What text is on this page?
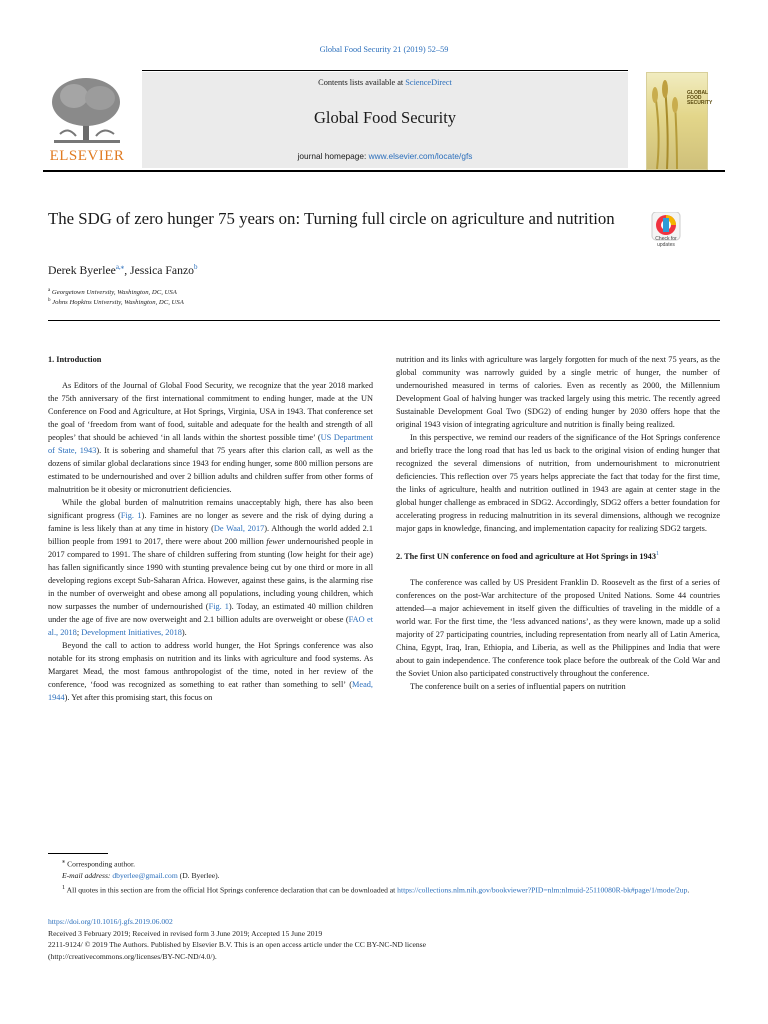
Global Food Security 21 (2019) 52–59
Contents lists available at ScienceDirect
Global Food Security
journal homepage: www.elsevier.com/locate/gfs
ELSEVIER
GLOBAL FOOD SECURITY
The SDG of zero hunger 75 years on: Turning full circle on agriculture and nutrition
Check for updates
Derek Byerlee$^{a,⁎}$, Jessica Fanzo$^b$
$^a$ Georgetown University, Washington, DC, USA
$^b$ Johns Hopkins University, Washington, DC, USA
1. Introduction

As Editors of the Journal of Global Food Security, we recognize that the year 2018 marked the 75th anniversary of the first international commitment to ending hunger, made at the UN Conference on Food and Agriculture, at Hot Springs, Virginia, USA in 1943. That conference set the goal of ‘freedom from want of food, suitable and adequate for the health and strength of all peoples’ that should be achieved ‘in all lands within the shortest possible time’ (US Department of State, 1943). It is sobering and shameful that 75 years after this clarion call, as well as the dozens of similar global declarations since 1943 for ending hunger, some 800 million persons are estimated to be undernourished and over 2 billion adults and children suffer from other forms of malnutrition be it obesity or micronutrient deficiencies.

While the global burden of malnutrition remains unacceptably high, there has also been significant progress (Fig. 1). Famines are no longer as severe and the risk of dying during a famine is less likely than at any time in history (De Waal, 2017). Although the world added 2.1 billion people from 1991 to 2017, there were about 200 million fewer undernourished people in 2017 compared to 1991. The share of children suffering from stunting (low height for their age) has fallen significantly since 1990 with stunting prevalence being cut by one third or more in all developing regions except Sub-Saharan Africa. However, against these gains, is the alarming rise in the number of overweight and obese among all populations, including young children, which now surpasses the number of undernourished (Fig. 1). Today, an estimated 40 million children under the age of five are now overweight and 2.1 billion adults are overweight or obese (FAO et al., 2018; Development Initiatives, 2018).

Beyond the call to action to address world hunger, the Hot Springs conference was also notable for its strong emphasis on nutrition and its links with agriculture and food systems. As Margaret Mead, the most famous anthropologist of the time, noted in her review of the conference, ‘food was recognized as something to eat rather than something to sell’ (Mead, 1944). Yet after this promising start, this focus on

nutrition and its links with agriculture was largely forgotten for much of the next 75 years, as the global community was narrowly guided by a single metric of hunger, the number of undernourished measured in terms of calories. Even as recently as 2000, the Millennium Development Goal of halving hunger was tracked largely using this metric. The recently agreed Sustainable Development Goal Two (SDG2) of ending hunger by 2030 offers hope that the original 1943 vision of integrating agriculture and nutrition is finally being realized.

In this perspective, we remind our readers of the significance of the Hot Springs conference and briefly trace the long road that has led us back to the original vision of ending hunger that recognized the several dimensions of nutrition, from undernourishment to micronutrient deficiencies. This reflection over 75 years helps appreciate the fact that today for the first time, the links of agriculture, health and nutrition outlined in 1943 are again at center stage in the global hunger challenge as embraced in SDG2. Accordingly, SDG2 offers a better foundation for accelerating progress in reducing malnutrition in its several dimensions, although we recognize major gaps in knowledge, financing, and implementation capacity for realizing SDG2 targets.

2. The first UN conference on food and agriculture at Hot Springs in 1943$^1$

The conference was called by US President Franklin D. Roosevelt as the first of a series of conferences on the post-War architecture of the proposed United Nations. Some 44 countries attended—a major achievement in itself given the difficulties of traveling in the middle of a world war. For the first time, the ‘less advanced nations’, as they were known, made up a solid majority of 27 participating countries, including representation from nearly all of Latin America, China, Egypt, Iraq, Iran, Ethiopia, and Liberia, as well as the Philippines and India that were about to gain independence. The conference took place before the outbreak of the Cold War and the Soviet Union also participated constructively throughout the conference.

The conference built on a series of influential papers on nutrition

⁎ Corresponding author.
E-mail address: dbyerlee@gmail.com (D. Byerlee).
$^1$ All quotes in this section are from the official Hot Springs conference declaration that can be downloaded at https://collections.nlm.nih.gov/bookviewer?PID=nlm:nlmuid-25110080R-bk#page/1/mode/2up.
https://doi.org/10.1016/j.gfs.2019.06.002
Received 3 February 2019; Received in revised form 3 June 2019; Accepted 15 June 2019
2211-9124/ © 2019 The Authors. Published by Elsevier B.V. This is an open access article under the CC BY-NC-ND license
(http://creativecommons.org/licenses/BY-NC-ND/4.0/).
